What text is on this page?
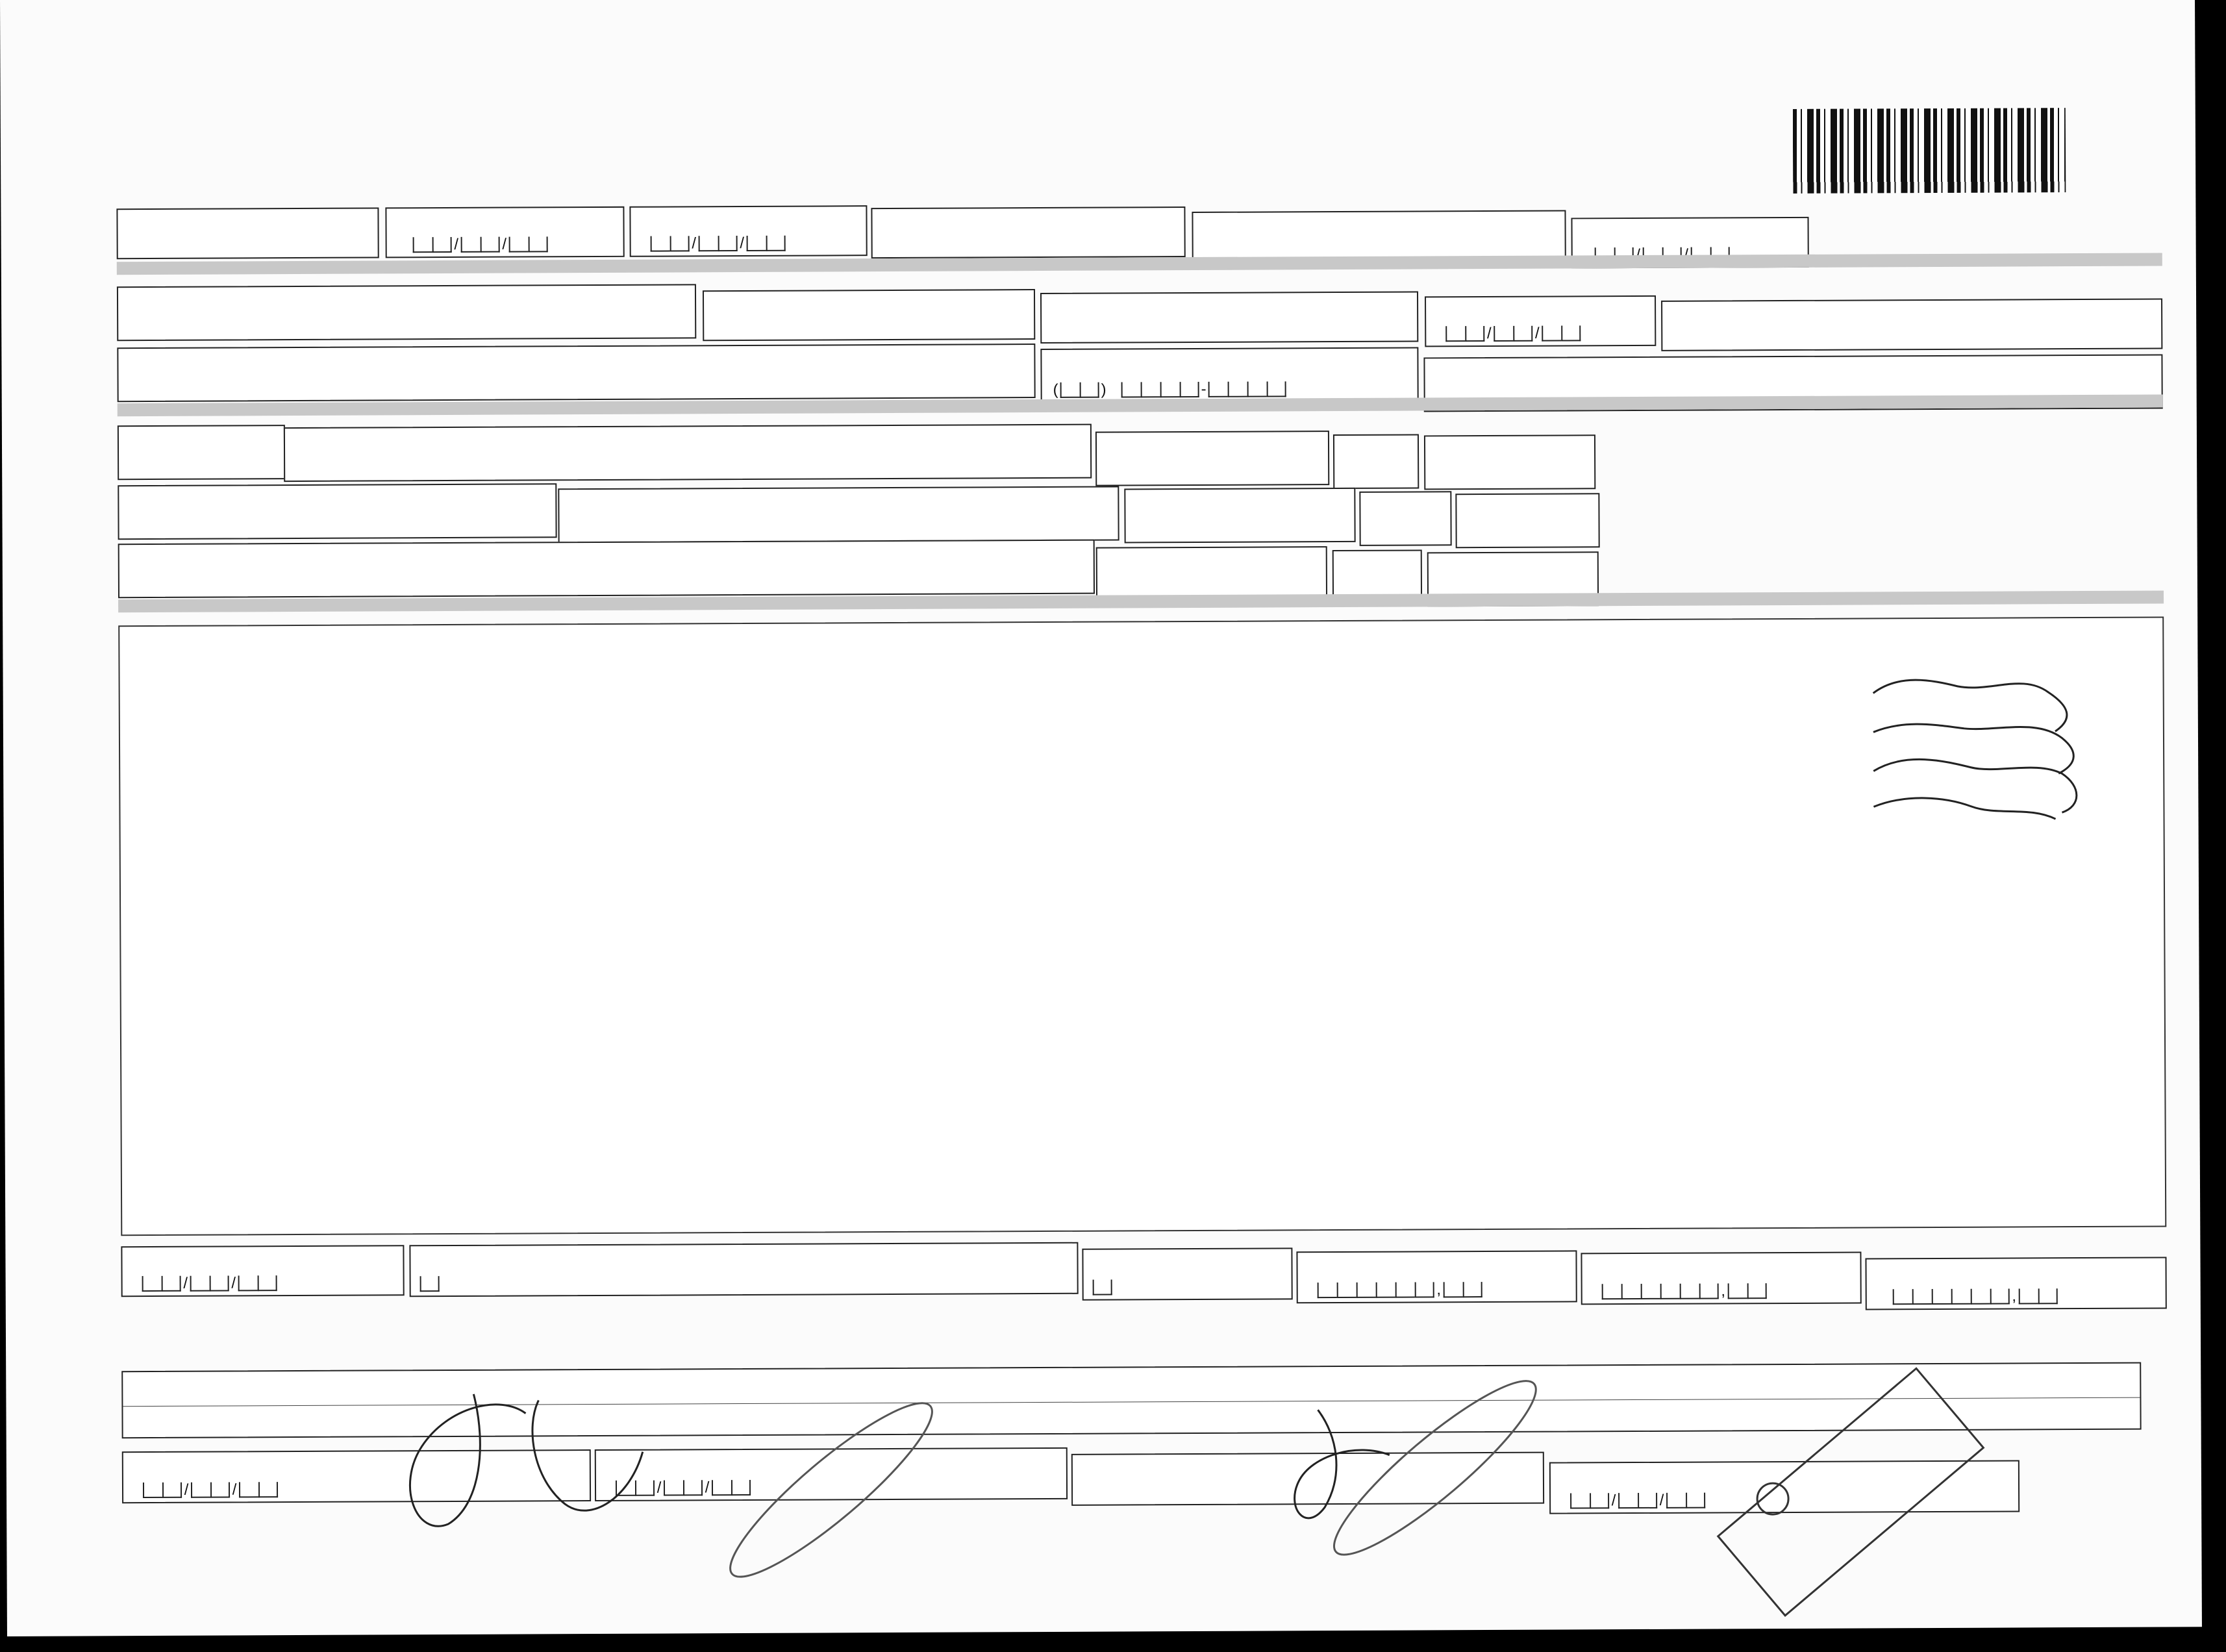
/	/	/	/
/	/
(	)	-
/	/	,	,	,
/	/	/	/
/	/
